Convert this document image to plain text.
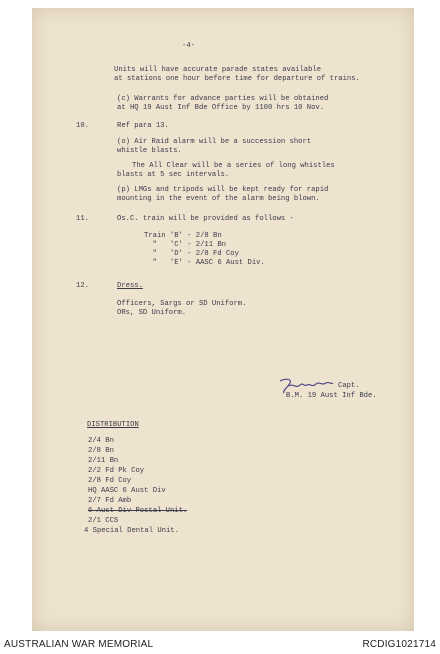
-4-
Units will have accurate parade states available
at stations one hour before time for departure of trains.
(c) Warrants for advance parties will be obtained
at HQ 19 Aust Inf Bde Office by 1100 hrs 10 Nov.
10.	Ref para 13.
(o) Air Raid alarm will be a succession short
whistle blasts.
The All Clear will be a series of long whistles
blasts at 5 sec intervals.
(p) LMGs and tripods will be kept ready for rapid
mounting in the event of the alarm being blown.
11.	Os.C. train will be provided as follows -
Train 'B' - 2/8 Bn
"   'C' - 2/11 Bn
"   'D' - 2/8 Fd Coy
"   'E' - AASC 6 Aust Div.
12.	Dress.
Officers, Sargs or SD Uniform.
ORs, SD Uniform.
Capt.
B.M. 19 Aust Inf Bde.
DISTRIBUTION
2/4 Bn
2/8 Bn
2/11 Bn
2/2 Fd Pk Coy
2/8 Fd Coy
HQ AASC 6 Aust Div
2/7 Fd Amb
6 Aust Div Postal Unit.
2/1 CCS
4 Special Dental Unit.
AUSTRALIAN WAR MEMORIAL	RCDIG1021714
